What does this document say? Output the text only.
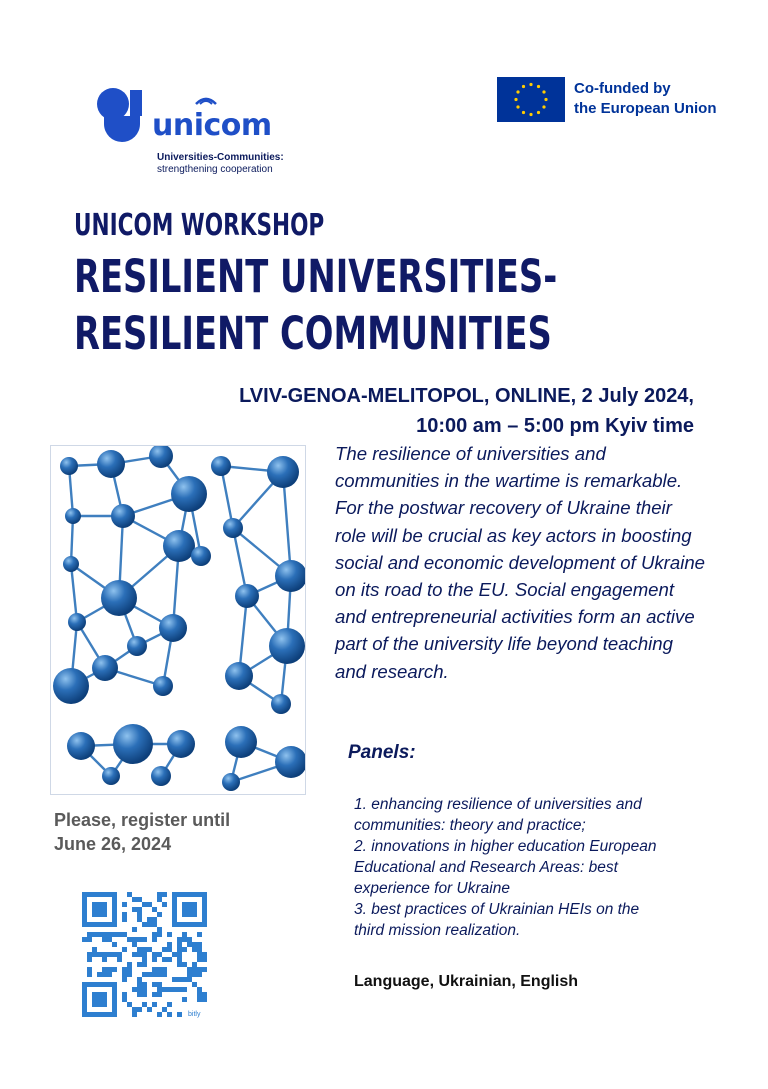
unicom
Universities-Communities:
strengthening cooperation
Co-funded by
the European Union
UNICOM WORKSHOP
RESILIENT UNIVERSITIES-
RESILIENT COMMUNITIES
LVIV-GENOA-MELITOPOL, ONLINE, 2 July 2024,
10:00 am – 5:00 pm Kyiv time
The resilience of universities and communities in the wartime is remarkable. For the postwar recovery of Ukraine their role will be crucial as key actors in boosting social and economic development of Ukraine on its road to the EU. Social engagement and entrepreneurial activities form an active part of the university life beyond teaching and research.
Panels:
1. enhancing resilience of universities and
communities: theory and practice;
2. innovations in higher education European
Educational and Research Areas: best
experience for Ukraine
3. best practices of Ukrainian HEIs on the
third mission realization.
Please, register until
June 26, 2024
bitly
Language, Ukrainian, English
